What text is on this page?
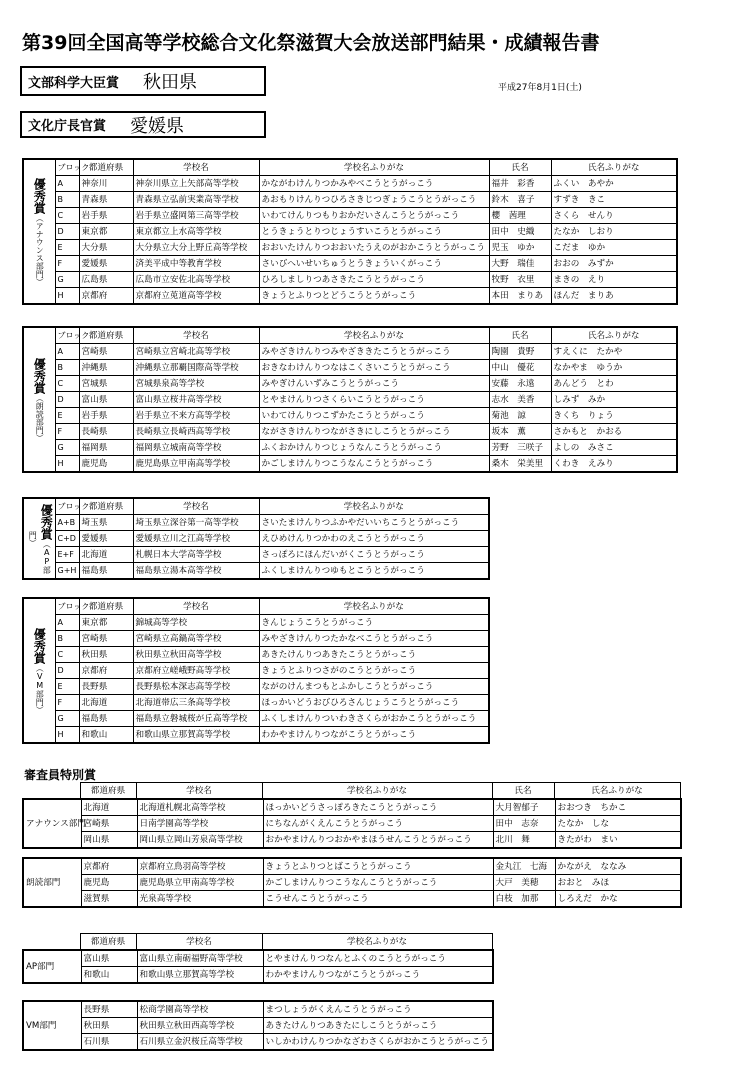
第39回全国高等学校総合文化祭滋賀大会放送部門結果・成績報告書
文部科学大臣賞 秋田県
文化庁長官賞 愛媛県
平成27年8月1日(土)
優秀賞（アナウンス部門）	ブロック	都道府県	学校名	学校名ふりがな	氏名	氏名ふりがな
	A	神奈川	神奈川県立上矢部高等学校	かながわけんりつかみやべこうとうがっこう	福井　彩香	ふくい　あやか
	B	青森県	青森県立弘前実業高等学校	あおもりけんりつひろさきじつぎょうこうとうがっこう	鈴木　喜子	すずき　きこ
	C	岩手県	岩手県立盛岡第三高等学校	いわてけんりつもりおかだいさんこうとうがっこう	櫻　茜理	さくら　せんり
	D	東京都	東京都立上水高等学校	とうきょうとりつじょうすいこうとうがっこう	田中　史織	たなか　しおり
	E	大分県	大分県立大分上野丘高等学校	おおいたけんりつおおいたうえのがおかこうとうがっこう	児玉　ゆか	こだま　ゆか
	F	愛媛県	済美平成中等教育学校	さいびへいせいちゅうとうきょういくがっこう	大野　瑞佳	おおの　みずか
	G	広島県	広島市立安佐北高等学校	ひろしましりつあさきたこうとうがっこう	牧野　衣里	まきの　えり
	H	京都府	京都府立莵道高等学校	きょうとふりつとどうこうとうがっこう	本田　まりあ	ほんだ　まりあ
優秀賞（朗読部門）	ブロック	都道府県	学校名	学校名ふりがな	氏名	氏名ふりがな
	A	宮崎県	宮崎県立宮崎北高等学校	みやざきけんりつみやざききたこうとうがっこう	陶園　貴野	すえくに　たかや
	B	沖縄県	沖縄県立那覇国際高等学校	おきなわけんりつなはこくさいこうとうがっこう	中山　優花	なかやま　ゆうか
	C	宮城県	宮城県泉高等学校	みやぎけんいずみこうとうがっこう	安藤　永遠	あんどう　とわ
	D	富山県	富山県立桜井高等学校	とやまけんりつさくらいこうとうがっこう	志水　美香	しみず　みか
	E	岩手県	岩手県立不来方高等学校	いわてけんりつこずかたこうとうがっこう	菊池　諒	きくち　りょう
	F	長崎県	長崎県立長崎西高等学校	ながさきけんりつながさきにしこうとうがっこう	坂本　薫	さかもと　かおる
	G	福岡県	福岡県立城南高等学校	ふくおかけんりつじょうなんこうとうがっこう	芳野　三咲子	よしの　みさこ
	H	鹿児島	鹿児島県立甲南高等学校	かごしまけんりつこうなんこうとうがっこう	桑木　栄美里	くわき　えみり
優秀賞（AP部門）	ブロック	都道府県	学校名	学校名ふりがな
	A+B	埼玉県	埼玉県立深谷第一高等学校	さいたまけんりつふかやだいいちこうとうがっこう
	C+D	愛媛県	愛媛県立川之江高等学校	えひめけんりつかわのえこうとうがっこう
	E+F	北海道	札幌日本大学高等学校	さっぽろにほんだいがくこうとうがっこう
	G+H	福島県	福島県立湯本高等学校	ふくしまけんりつゆもとこうとうがっこう
優秀賞（VM部門）	ブロック	都道府県	学校名	学校名ふりがな
	A	東京都	錦城高等学校	きんじょうこうとうがっこう
	B	宮崎県	宮崎県立高鍋高等学校	みやざきけんりつたかなべこうとうがっこう
	C	秋田県	秋田県立秋田高等学校	あきたけんりつあきたこうとうがっこう
	D	京都府	京都府立嵯峨野高等学校	きょうとふりつさがのこうとうがっこう
	E	長野県	長野県松本深志高等学校	ながのけんまつもとふかしこうとうがっこう
	F	北海道	北海道帯広三条高等学校	ほっかいどうおびひろさんじょうこうとうがっこう
	G	福島県	福島県立磐城桜が丘高等学校	ふくしまけんりついわきさくらがおかこうとうがっこう
	H	和歌山	和歌山県立那賀高等学校	わかやまけんりつながこうとうがっこう
審査員特別賞
	都道府県	学校名	学校名ふりがな	氏名	氏名ふりがな
アナウンス部門	北海道	北海道札幌北高等学校	ほっかいどうさっぽろきたこうとうがっこう	大月智郁子	おおつき　ちかこ
	宮崎県	日南学園高等学校	にちなんがくえんこうとうがっこう	田中　志奈	たなか　しな
	岡山県	岡山県立岡山芳泉高等学校	おかやまけんりつおかやまほうせんこうとうがっこう	北川　舞	きたがわ　まい
朗読部門	京都府	京都府立鳥羽高等学校	きょうとふりつとばこうとうがっこう	金丸江　七海	かながえ　ななみ
	鹿児島	鹿児島県立甲南高等学校	かごしまけんりつこうなんこうとうがっこう	大戸　美穂	おおと　みほ
	滋賀県	光泉高等学校	こうせんこうとうがっこう	白枝　加那	しろえだ　かな
	都道府県	学校名	学校名ふりがな
AP部門	富山県	富山県立南砺福野高等学校	とやまけんりつなんとふくのこうとうがっこう
	和歌山	和歌山県立那賀高等学校	わかやまけんりつながこうとうがっこう
VM部門	長野県	松商学園高等学校	まつしょうがくえんこうとうがっこう
	秋田県	秋田県立秋田西高等学校	あきたけんりつあきたにしこうとうがっこう
	石川県	石川県立金沢桜丘高等学校	いしかわけんりつかなざわさくらがおかこうとうがっこう
